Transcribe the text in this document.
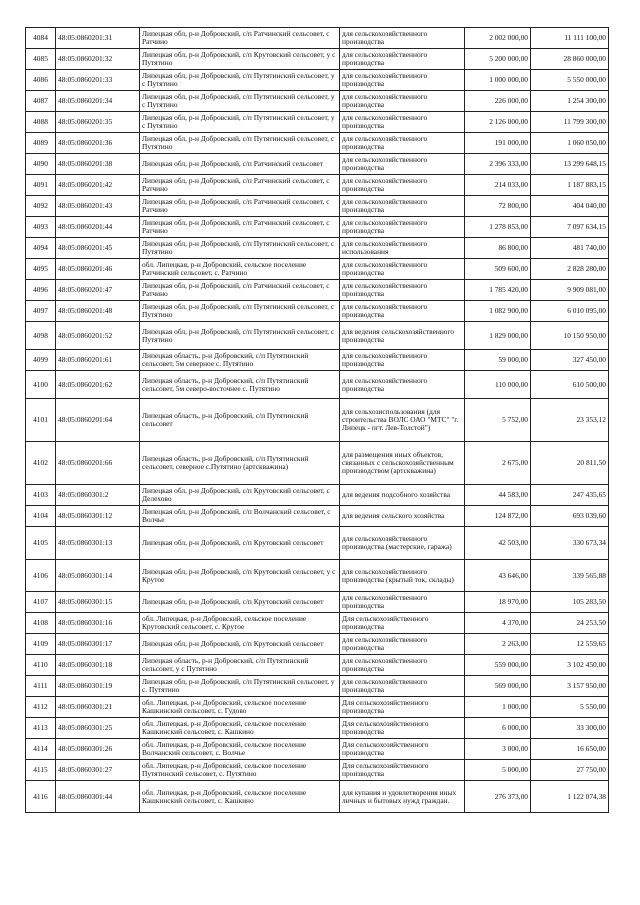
4084	48:05:0860201:31	Липецкая обл, р-н Добровский, с/п Ратчинский сельсовет, с Ратчино	для сельскохозяйственного производства	2 002 000,00	11 111 100,00
4085	48:05:0860201:32	Липецкая обл, р-н Добровский, с/п Крутовский сельсовет, у с Путятино	для сельскохозяйственного производства	5 200 000,00	28 860 000,00
4086	48:05:0860201:33	Липецкая обл, р-н Добровский, с/п Путятинский сельсовет, у с Путятино	для сельскохозяйственного производства	1 000 000,00	5 550 000,00
4087	48:05:0860201:34	Липецкая обл, р-н Добровский, с/п Путятинский сельсовет, у с Путятино	для сельскохозяйственного производства	226 000,00	1 254 300,00
4088	48:05:0860201:35	Липецкая обл, р-н Добровский, с/п Путятинский сельсовет, у с Путятино	для сельскохозяйственного производства	2 126 000,00	11 799 300,00
4089	48:05:0860201:36	Липецкая обл, р-н Добровский, с/п Путятинский сельсовет, с Путятино	для сельскохозяйственного производства	191 000,00	1 060 050,00
4090	48:05:0860201:38	Липецкая обл, р-н Добровский, с/п Ратчинский сельсовет	для сельскохозяйственного производства	2 396 333,00	13 299 648,15
4091	48:05:0860201:42	Липецкая обл, р-н Добровский, с/п Ратчинский сельсовет, с Ратчино	для сельскохозяйственного производства	214 033,00	1 187 883,15
4092	48:05:0860201:43	Липецкая обл, р-н Добровский, с/п Ратчинский сельсовет, с Ратчино	для сельскохозяйственного производства	72 800,00	404 040,00
4093	48:05:0860201:44	Липецкая обл, р-н Добровский, с/п Ратчинский сельсовет, с Ратчино	для сельскохозяйственного производства	1 278 853,00	7 097 634,15
4094	48:05:0860201:45	Липецкая обл, р-н Добровский, с/п Путятинский сельсовет, с Путятино	для сельскохозяйственного использования	86 800,00	481 740,00
4095	48:05:0860201:46	обл. Липецкая, р-н Добровский, сельское поселение Ратчинский сельсовет, с. Ратчино	для сельскохозяйственного производства	509 600,00	2 828 280,00
4096	48:05:0860201:47	Липецкая обл, р-н Добровский, с/п Ратчинский сельсовет, с Ратчино	для сельскохозяйственного производства	1 785 420,00	9 909 081,00
4097	48:05:0860201:48	Липецкая обл, р-н Добровский, с/п Путятинский сельсовет, с Путятино	для сельскохозяйственного производства	1 082 900,00	6 010 095,00
4098	48:05:0860201:52	Липецкая обл, р-н Добровский, с/п Путятинский сельсовет, с Путятино	для ведения сельскохозяйственного производства	1 829 000,00	10 150 950,00
4099	48:05:0860201:61	Липецкая область, р-н Добровский, с/п Путятинский сельсовет, 5м северное с. Путятино	для сельскохозяйственного производства	59 000,00	327 450,00
4100	48:05:0860201:62	Липецкая область, р-н Добровский, с/п Путятинский сельсовет, 5м северо-восточнее с. Путятино	для сельскохозяйственного производства	110 000,00	610 500,00
4101	48:05:0860201:64	Липецкая область, р-н Добровский, с/п Путятинский сельсовет	для сельхозиспользования (для строительства ВОЛС ОАО "МТС" "г. Липецк - пгт. Лев-Толстой")	5 752,00	23 353,12
4102	48:05:0860201:66	Липецкая область, р-н Добровский, с/п Путятинский сельсовет, северное с.Путятино (артскважина)	для размещения иных объектов, связанных с сельскохозяйственным производством (артскважина)	2 675,00	20 811,50
4103	48:05:0860301:2	Липецкая обл, р-н Добровский, с/п Крутовский сельсовет, с Делехово	для ведения подсобного хозяйства	44 583,00	247 435,65
4104	48:05:0860301:12	Липецкая обл, р-н Добровский, с/п Волчанский сельсовет, с Волчье	для ведения сельского хозяйства	124 872,00	693 039,60
4105	48:05:0860301:13	Липецкая обл, р-н Добровский, с/п Крутовский сельсовет	для сельскохозяйственного производства (мастерские, гаража)	42 503,00	330 673,34
4106	48:05:0860301:14	Липецкая обл, р-н Добровский, с/п Крутовский сельсовет, у с Крутое	для сельскохозяйственного производства (крытый ток, склады)	43 646,00	339 565,88
4107	48:05:0860301:15	Липецкая обл, р-н Добровский, с/п Крутовский сельсовет	для сельскохозяйственного производства	18 970,00	105 283,50
4108	48:05:0860301:16	обл. Липецкая, р-н Добровский, сельское поселение Крутовский сельсовет, с. Крутое	Для сельскохозяйственного производства	4 370,00	24 253,50
4109	48:05:0860301:17	Липецкая обл, р-н Добровский, с/п Крутовский сельсовет	для сельскохозяйственного производства	2 263,00	12 559,65
4110	48:05:0860301:18	Липецкая область, р-н Добровский, с/п Путятинский сельсовет, у с Путятино	для сельскохозяйственного производства	559 000,00	3 102 450,00
4111	48:05:0860301:19	Липецкая обл, р-н Добровский, с/п Путятинский сельсовет, у с. Путятино	для сельскохозяйственного производства	569 000,00	3 157 950,00
4112	48:05:0860301:21	обл. Липецкая, р-н Добровский, сельское поселение Кашкинский сельсовет, с. Гудово	Для сельскохозяйственного производства	1 000,00	5 550,00
4113	48:05:0860301:25	обл. Липецкая, р-н Добровский, сельское поселение Кашкинский сельсовет, с. Кашкино	Для сельскохозяйственного производства	6 000,00	33 300,00
4114	48:05:0860301:26	обл. Липецкая, р-н Добровский, сельское поселение Волчанский сельсовет, с. Волчье	Для сельскохозяйственного производства	3 000,00	16 650,00
4115	48:05:0860301:27	обл. Липецкая, р-н Добровский, сельское поселение Путятинский сельсовет, с. Путятино	Для сельскохозяйственного производства	5 000,00	27 750,00
4116	48:05:0860301:44	обл. Липецкая, р-н Добровский, сельское поселение Кашкинский сельсовет, с. Кашкино	для купания и удовлетворения иных личных и бытовых нужд граждан.	276 373,00	1 122 074,38
